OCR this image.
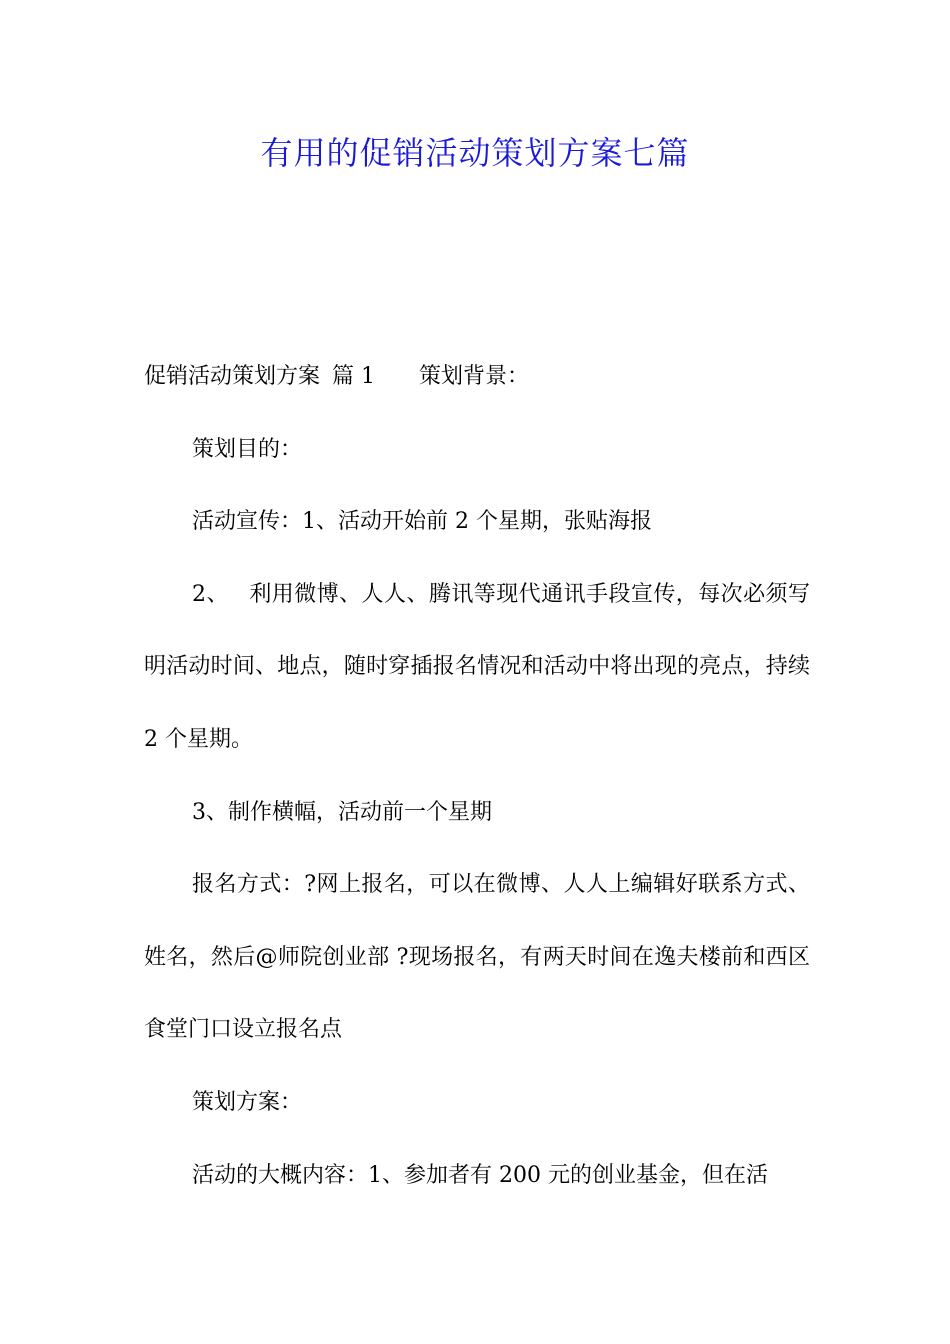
有用的促销活动策划方案七篇

促销活动策划方案 篇 1 策划背景：

策划目的：

活动宣传：1、活动开始前 2 个星期，张贴海报

2、 利用微博、人人、腾讯等现代通讯手段宣传，每次必须写明活动时间、地点，随时穿插报名情况和活动中将出现的亮点，持续 2 个星期。

3、制作横幅，活动前一个星期

报名方式：?网上报名，可以在微博、人人上编辑好联系方式、姓名，然后@师院创业部 ?现场报名，有两天时间在逸夫楼前和西区食堂门口设立报名点

策划方案：

活动的大概内容：1、参加者有 200 元的创业基金，但在活
